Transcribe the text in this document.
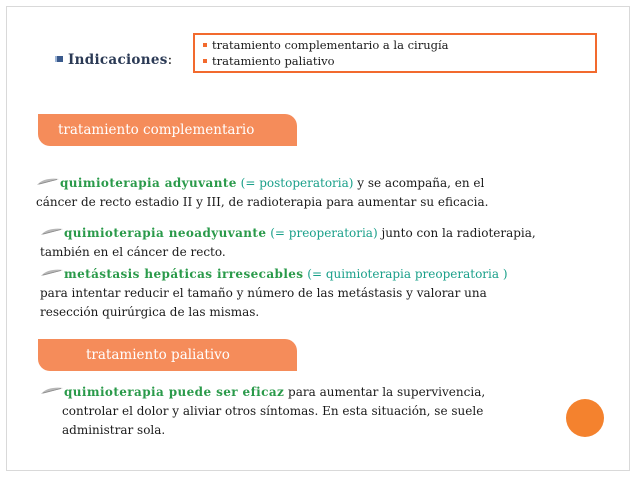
Indicaciones:
tratamiento complementario a la cirugía
tratamiento paliativo
tratamiento complementario
quimioterapia adyuvante (= postoperatoria) y se acompaña, en el
cáncer de recto estadio II y III, de radioterapia para aumentar su eficacia.
quimioterapia neoadyuvante (= preoperatoria) junto con la radioterapia,
también en el cáncer de recto.
metástasis hepáticas irresecables (= quimioterapia preoperatoria )
para intentar reducir el tamaño y número de las metástasis y valorar una
resección quirúrgica de las mismas.
tratamiento paliativo
quimioterapia puede ser eficaz para aumentar la supervivencia,
controlar el dolor y aliviar otros síntomas. En esta situación, se suele
administrar sola.
